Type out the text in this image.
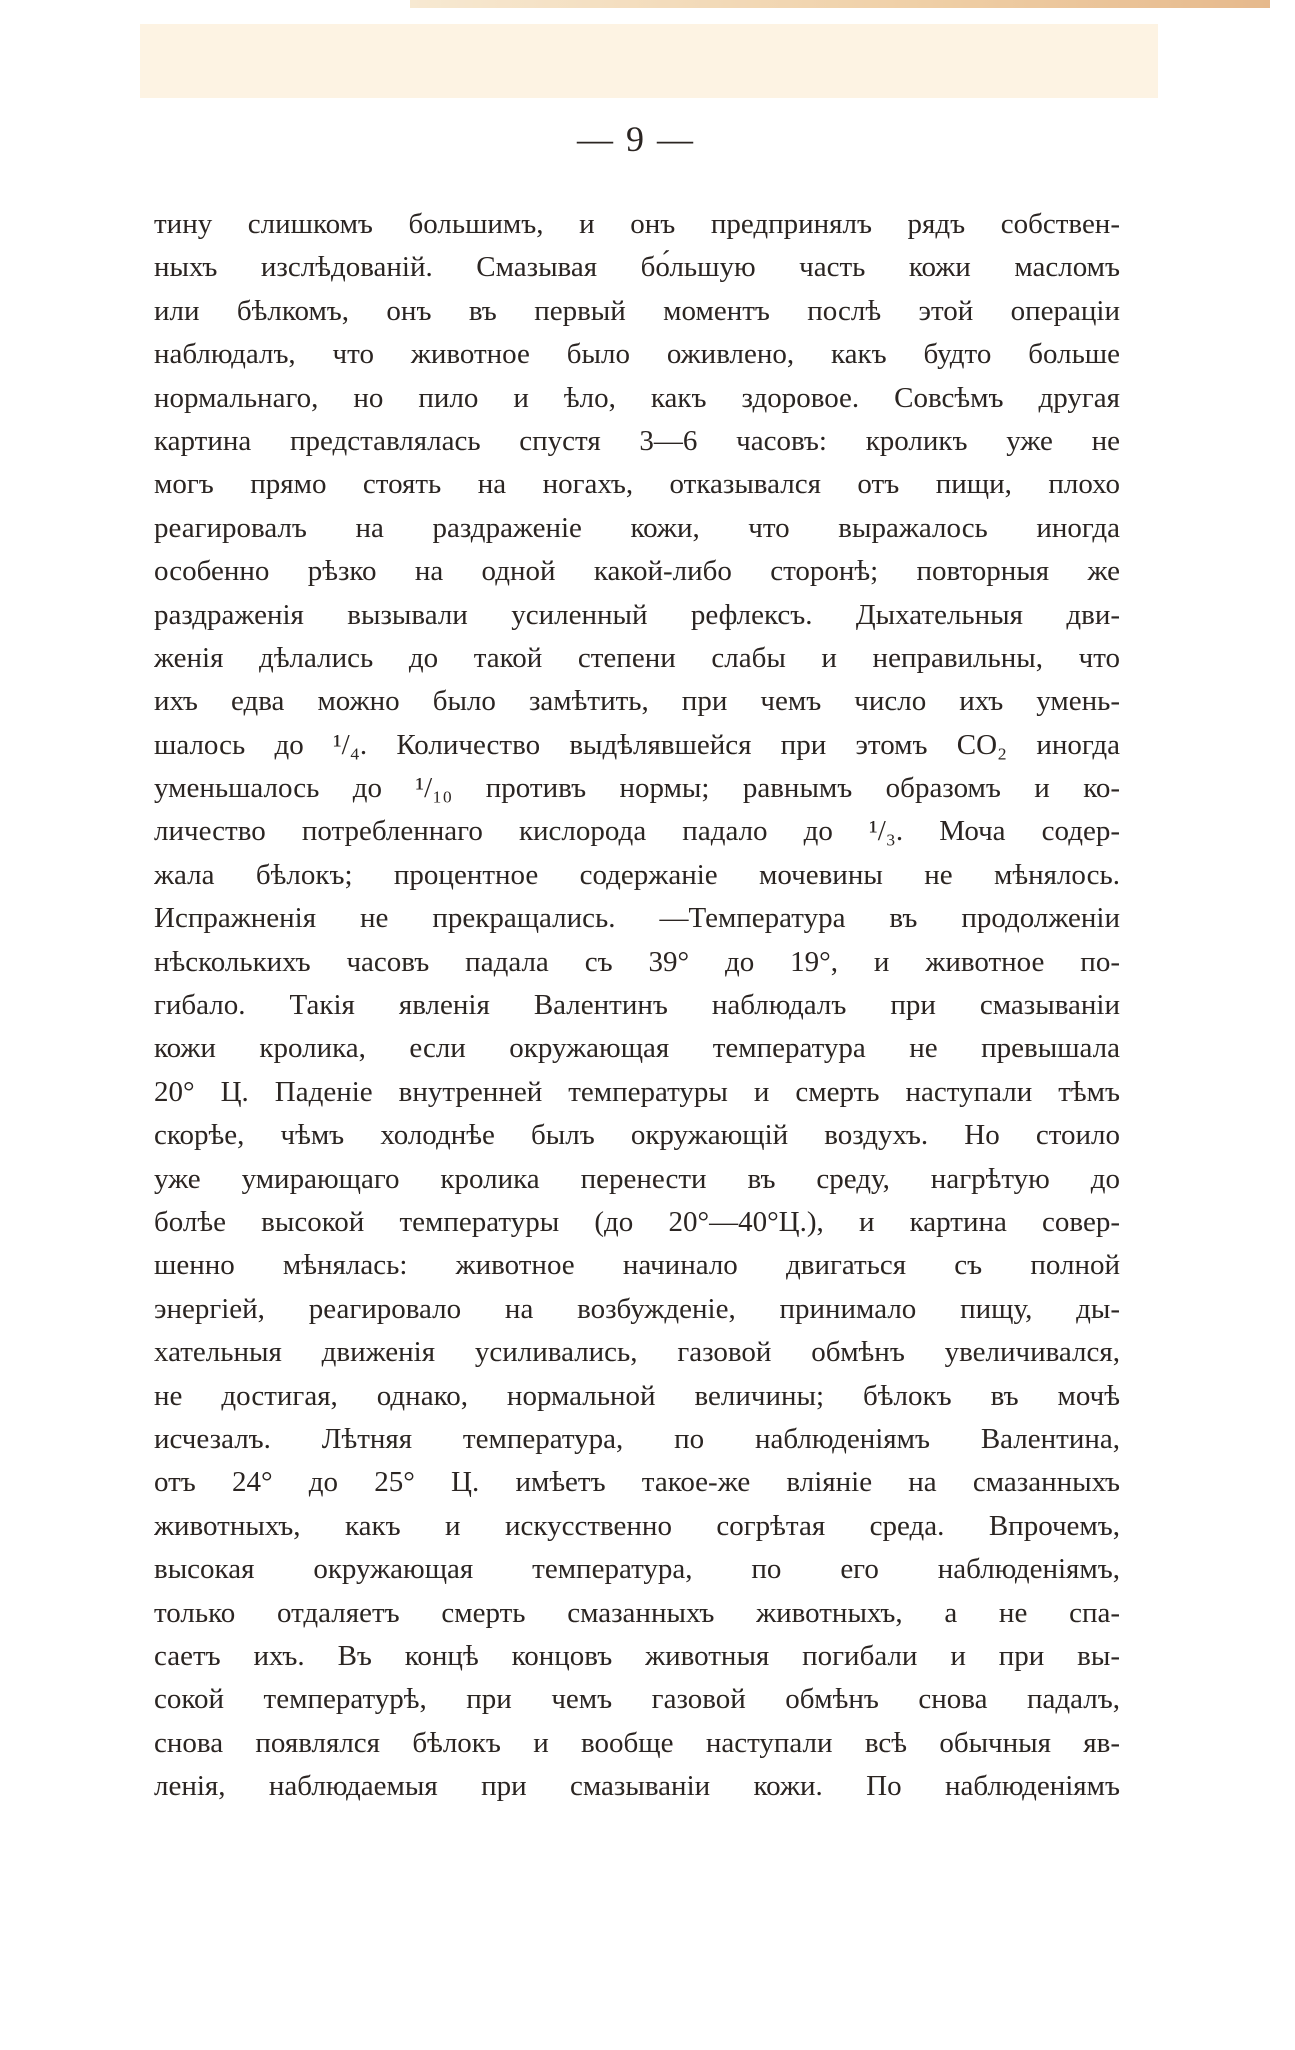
— 9 —
тину слишкомъ большимъ, и онъ предпринялъ рядъ собствен-
ныхъ изслѣдованій. Смазывая бо́льшую часть кожи масломъ
или бѣлкомъ, онъ въ первый моментъ послѣ этой операціи
наблюдалъ, что животное было оживлено, какъ будто больше
нормальнаго, но пило и ѣло, какъ здоровое. Совсѣмъ другая
картина представлялась спустя 3—6 часовъ: кроликъ уже не
могъ прямо стоять на ногахъ, отказывался отъ пищи, плохо
реагировалъ на раздраженіе кожи, что выражалось иногда
особенно рѣзко на одной какой-либо сторонѣ; повторныя же
раздраженія вызывали усиленный рефлексъ. Дыхательныя дви-
женія дѣлались до такой степени слабы и неправильны, что
ихъ едва можно было замѣтить, при чемъ число ихъ умень-
шалось до ¹/₄. Количество выдѣлявшейся при этомъ CO₂ иногда
уменьшалось до ¹/₁₀ противъ нормы; равнымъ образомъ и ко-
личество потребленнаго кислорода падало до ¹/₃. Моча содер-
жала бѣлокъ; процентное содержаніе мочевины не мѣнялось.
Испражненія не прекращались. —Температура въ продолженіи
нѣсколькихъ часовъ падала съ 39° до 19°, и животное по-
гибало. Такія явленія Валентинъ наблюдалъ при смазываніи
кожи кролика, если окружающая температура не превышала
20° Ц. Паденіе внутренней температуры и смерть наступали тѣмъ
скорѣе, чѣмъ холоднѣе былъ окружающій воздухъ. Но стоило
уже умирающаго кролика перенести въ среду, нагрѣтую до
болѣе высокой температуры (до 20°—40°Ц.), и картина совер-
шенно мѣнялась: животное начинало двигаться съ полной
энергіей, реагировало на возбужденіе, принимало пищу, ды-
хательныя движенія усиливались, газовой обмѣнъ увеличивался,
не достигая, однако, нормальной величины; бѣлокъ въ мочѣ
исчезалъ. Лѣтняя температура, по наблюденіямъ Валентина,
отъ 24° до 25° Ц. имѣетъ такое-же вліяніе на смазанныхъ
животныхъ, какъ и искусственно согрѣтая среда. Впрочемъ,
высокая окружающая температура, по его наблюденіямъ,
только отдаляетъ смерть смазанныхъ животныхъ, а не спа-
саетъ ихъ. Въ концѣ концовъ животныя погибали и при вы-
сокой температурѣ, при чемъ газовой обмѣнъ снова падалъ,
снова появлялся бѣлокъ и вообще наступали всѣ обычныя яв-
ленія, наблюдаемыя при смазываніи кожи. По наблюденіямъ
